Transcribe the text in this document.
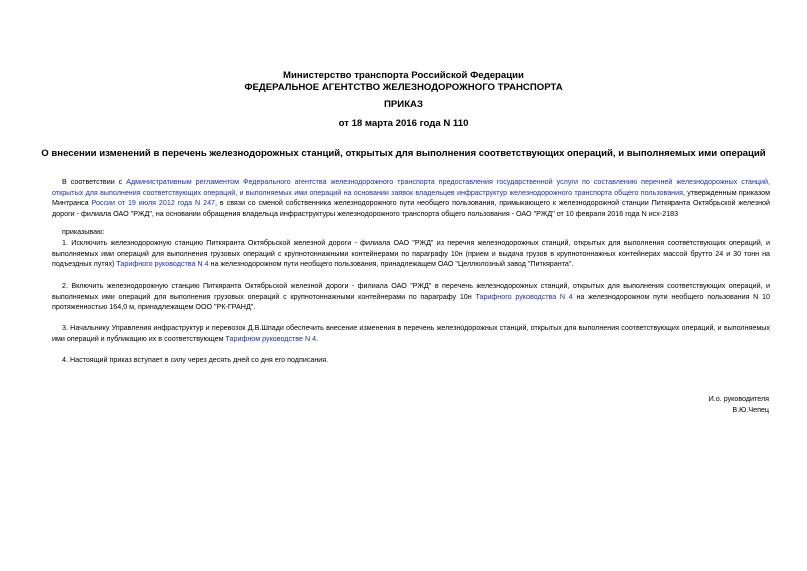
Министерство транспорта Российской Федерации
ФЕДЕРАЛЬНОЕ АГЕНТСТВО ЖЕЛЕЗНОДОРОЖНОГО ТРАНСПОРТА
ПРИКАЗ
от 18 марта 2016 года N 110
О внесении изменений в перечень железнодорожных станций, открытых для выполнения соответствующих операций, и выполняемых ими операций
В соответствии с Административным регламентом Федерального агентства железнодорожного транспорта предоставления государственной услуги по составлению перечней железнодорожных станций, открытых для выполнения соответствующих операций, и выполняемых ими операций на основании заявок владельцев инфраструктур железнодорожного транспорта общего пользования, утвержденным приказом Минтранса России от 19 июля 2012 года N 247, в связи со сменой собственника железнодорожного пути необщего пользования, примыкающего к железнодорожной станции Питкяранта Октябрьской железной дороги - филиала ОАО "РЖД", на основании обращения владельца инфраструктуры железнодорожного транспорта общего пользования - ОАО "РЖД" от 10 февраля 2016 года N исх-2183
приказываю:
1. Исключить железнодорожную станцию Питкяранта Октябрьской железной дороги - филиала ОАО "РЖД" из перечня железнодорожных станций, открытых для выполнения соответствующих операций, и выполняемых ими операций для выполнения грузовых операций с крупнотоннажными контейнерами по параграфу 10н (прием и выдача грузов в крупнотоннажных контейнерах массой брутто 24 и 30 тонн на подъездных путях) Тарифного руководства N 4 на железнодорожном пути необщего пользования, принадлежащем ОАО "Целлюлозный завод "Питкяранта".
2. Включить железнодорожную станцию Питкяранта Октябрьской железной дороги - филиала ОАО "РЖД" в перечень железнодорожных станций, открытых для выполнения соответствующих операций, и выполняемых ими операций для выполнения грузовых операций с крупнотоннажными контейнерами по параграфу 10н Тарифного руководства N 4 на железнодорожном пути необщего пользования N 10 протяженностью 164,0 м, принадлежащем ООО "РК-ГРАНД".
3. Начальнику Управления инфраструктур и перевозок Д.В.Шпади обеспечить внесение изменения в перечень железнодорожных станций, открытых для выполнения соответствующих операций, и выполняемых ими операций и публикацию их в соответствующем Тарифном руководстве N 4.
4. Настоящий приказ вступает в силу через десять дней со дня его подписания.
И.о. руководителя
В.Ю.Чепец
